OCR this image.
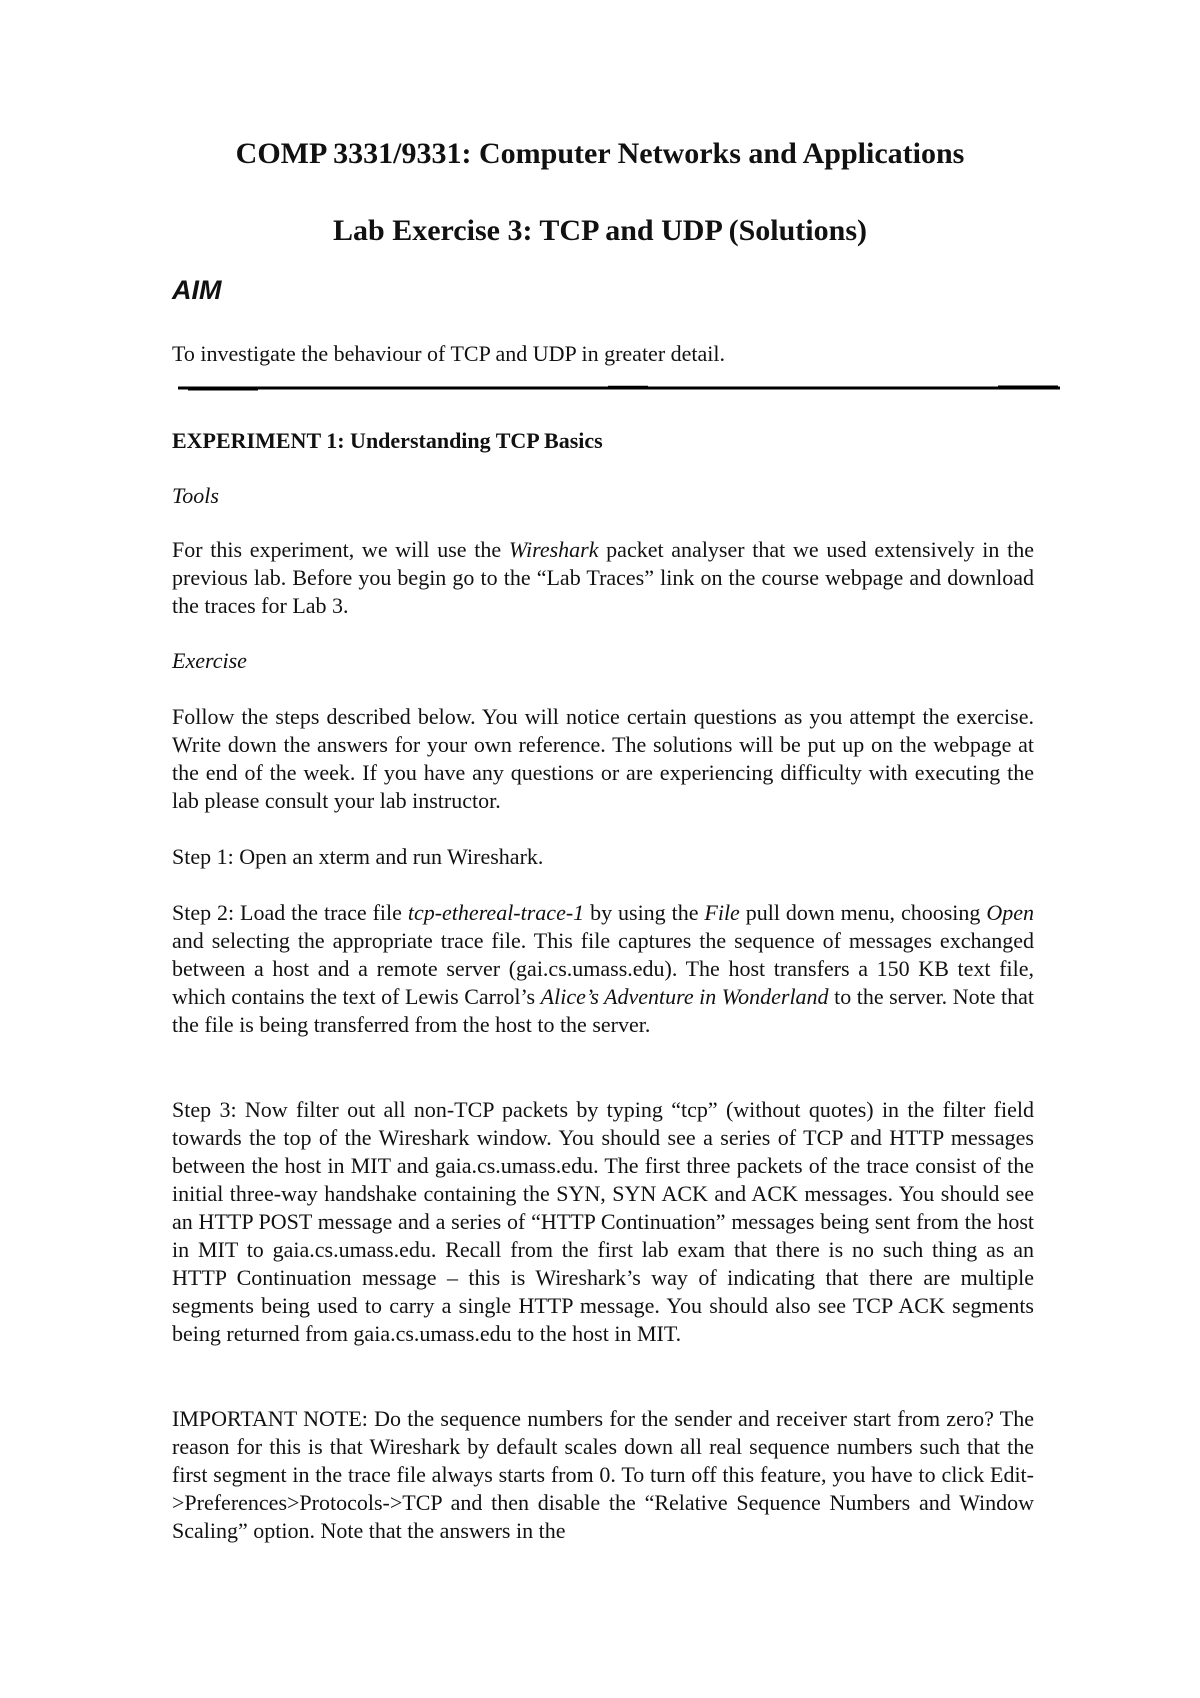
COMP 3331/9331: Computer Networks and Applications
Lab Exercise 3: TCP and UDP (Solutions)
AIM

To investigate the behaviour of TCP and UDP in greater detail.

EXPERIMENT 1: Understanding TCP Basics

Tools

For this experiment, we will use the Wireshark packet analyser that we used extensively in the previous lab. Before you begin go to the “Lab Traces” link on the course webpage and download the traces for Lab 3.

Exercise

Follow the steps described below. You will notice certain questions as you attempt the exercise. Write down the answers for your own reference. The solutions will be put up on the webpage at the end of the week. If you have any questions or are experiencing difficulty with executing the lab please consult your lab instructor.

Step 1: Open an xterm and run Wireshark.

Step 2: Load the trace file tcp-ethereal-trace-1 by using the File pull down menu, choosing Open and selecting the appropriate trace file. This file captures the sequence of messages exchanged between a host and a remote server (gai.cs.umass.edu). The host transfers a 150 KB text file, which contains the text of Lewis Carrol’s Alice’s Adventure in Wonderland to the server. Note that the file is being transferred from the host to the server.

Step 3: Now filter out all non-TCP packets by typing “tcp” (without quotes) in the filter field towards the top of the Wireshark window. You should see a series of TCP and HTTP messages between the host in MIT and gaia.cs.umass.edu. The first three packets of the trace consist of the initial three-way handshake containing the SYN, SYN ACK and ACK messages. You should see an HTTP POST message and a series of “HTTP Continuation” messages being sent from the host in MIT to gaia.cs.umass.edu. Recall from the first lab exam that there is no such thing as an HTTP Continuation message – this is Wireshark’s way of indicating that there are multiple segments being used to carry a single HTTP message. You should also see TCP ACK segments being returned from gaia.cs.umass.edu to the host in MIT.

IMPORTANT NOTE: Do the sequence numbers for the sender and receiver start from zero? The reason for this is that Wireshark by default scales down all real sequence numbers such that the first segment in the trace file always starts from 0. To turn off this feature, you have to click Edit->Preferences>Protocols->TCP and then disable the “Relative Sequence Numbers and Window Scaling” option. Note that the answers in the
